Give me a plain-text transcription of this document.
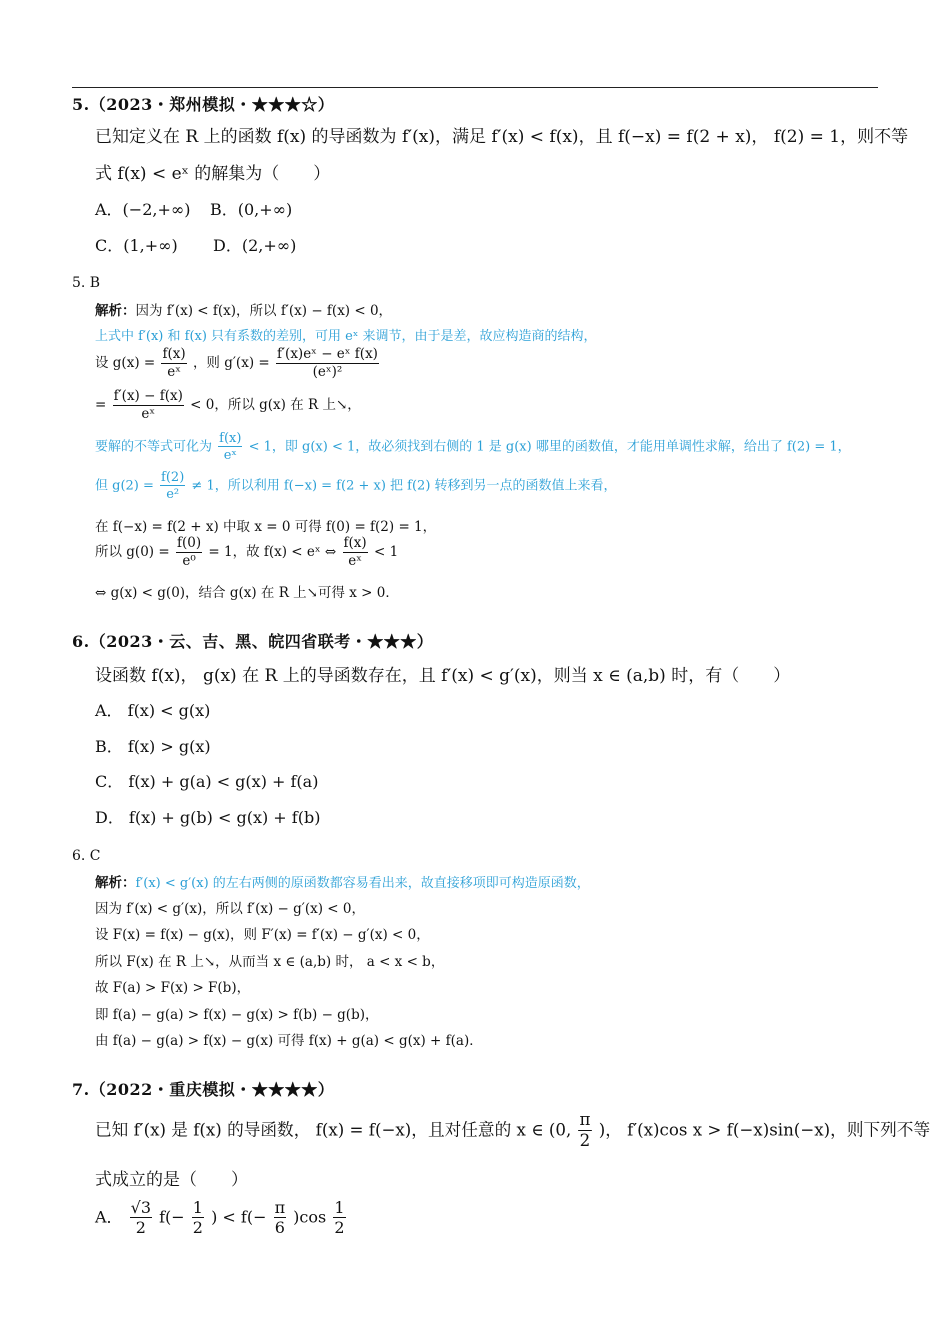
5.（2023・郑州模拟・★★★☆）
已知定义在 R 上的函数 f(x) 的导函数为 f′(x)，满足 f′(x) < f(x)，且 f(−x) = f(2 + x)， f(2) = 1，则不等
式 f(x) < eˣ 的解集为（　　）
A．(−2,+∞) B．(0,+∞)
C．(1,+∞) D．(2,+∞)
5. B
解析：因为 f′(x) < f(x)，所以 f′(x) − f(x) < 0，
上式中 f′(x) 和 f(x) 只有系数的差别，可用 eˣ 来调节，由于是差，故应构造商的结构，
设 $g(x) = \frac{f(x)}{\text{eˣ}}$ ，则 $g'(x) = \frac{\text{f′(x)eˣ − eˣ f(x)}}{\text{(eˣ)²}}$
= $\frac{f'(x) - f(x)}{\text{eˣ}} < 0$，所以 g(x) 在 R 上↘，
要解的不等式可化为 $\frac{f(x)}{\text{eˣ}} < 1$，即 g(x) < 1，故必须找到右侧的 1 是 g(x) 哪里的函数值，才能用单调性求解，给出了 f(2) = 1，
但 $g(2) = \frac{f(2)}{\text{e²}} \ne 1$，所以利用 f(−x) = f(2 + x) 把 f(2) 转移到另一点的函数值上来看，
在 f(−x) = f(2 + x) 中取 x = 0 可得 f(0) = f(2) = 1，
所以 $g(0) = \frac{f(0)}{\text{e⁰}} = 1$，故 f(x) < eˣ ⇔ $\frac{f(x)}{\text{eˣ}} < 1$
⇔ g(x) < g(0)，结合 g(x) 在 R 上↘可得 x > 0．
6.（2023・云、吉、黑、皖四省联考・★★★）
设函数 f(x)， g(x) 在 R 上的导函数存在，且 f′(x) < g′(x)，则当 x ∈ (a,b) 时，有（　　）
A． f(x) < g(x)
B． f(x) > g(x)
C． f(x) + g(a) < g(x) + f(a)
D． f(x) + g(b) < g(x) + f(b)
6. C
解析：f′(x) < g′(x) 的左右两侧的原函数都容易看出来，故直接移项即可构造原函数，
因为 f′(x) < g′(x)，所以 f′(x) − g′(x) < 0，
设 F(x) = f(x) − g(x)，则 F′(x) = f′(x) − g′(x) < 0，
所以 F(x) 在 R 上↘，从而当 x ∈ (a,b) 时， a < x < b，
故 F(a) > F(x) > F(b)，
即 f(a) − g(a) > f(x) − g(x) > f(b) − g(b)，
由 f(a) − g(a) > f(x) − g(x) 可得 f(x) + g(a) < g(x) + f(a)．
7.（2022・重庆模拟・★★★★）
已知 f′(x) 是 f(x) 的导函数， f(x) = f(−x)，且对任意的 x ∈ (0, $\frac{\pi}{2}$ )， f′(x)cos x > f(−x)sin(−x)，则下列不等
式成立的是（　　）
A． $\frac{√3}{2} f(- \frac{1}{2}$ ) < $f(- \frac{\pi}{6} )\cos \frac{1}{2}$
